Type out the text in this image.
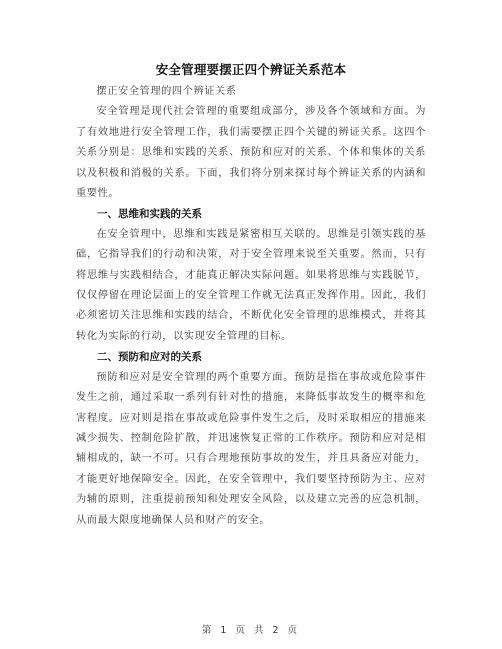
安全管理要摆正四个辨证关系范本

摆正安全管理的四个辨证关系

安全管理是现代社会管理的重要组成部分，涉及各个领域和方面。为了有效地进行安全管理工作，我们需要摆正四个关键的辨证关系。这四个关系分别是：思维和实践的关系、预防和应对的关系、个体和集体的关系以及积极和消极的关系。下面，我们将分别来探讨每个辨证关系的内涵和重要性。

一、思维和实践的关系

在安全管理中，思维和实践是紧密相互关联的。思维是引领实践的基础，它指导我们的行动和决策，对于安全管理来说至关重要。然而，只有将思维与实践相结合，才能真正解决实际问题。如果将思维与实践脱节，仅仅停留在理论层面上的安全管理工作就无法真正发挥作用。因此，我们必须密切关注思维和实践的结合，不断优化安全管理的思维模式，并将其转化为实际的行动，以实现安全管理的目标。

二、预防和应对的关系

预防和应对是安全管理的两个重要方面。预防是指在事故或危险事件发生之前，通过采取一系列有针对性的措施，来降低事故发生的概率和危害程度。应对则是指在事故或危险事件发生之后，及时采取相应的措施来减少损失、控制危险扩散，并迅速恢复正常的工作秩序。预防和应对是相辅相成的，缺一不可。只有合理地预防事故的发生，并且具备应对能力，才能更好地保障安全。因此，在安全管理中，我们要坚持预防为主、应对为辅的原则，注重提前预知和处理安全风险，以及建立完善的应急机制，从而最大限度地确保人员和财产的安全。

第 1 页 共 2 页
